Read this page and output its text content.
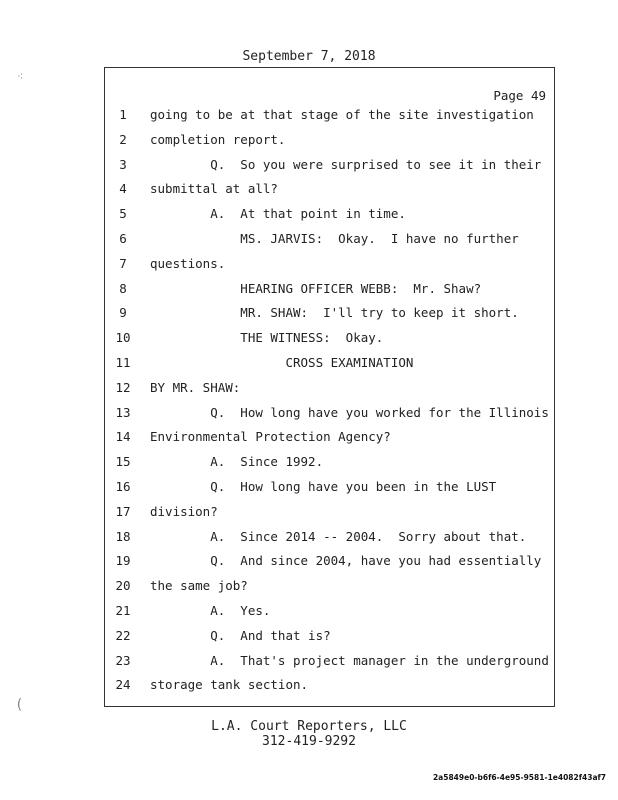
September 7, 2018
⁖
(
Page 49
1	going to be at that stage of the site investigation
2	completion report.
3	Q.  So you were surprised to see it in their
4	submittal at all?
5	A.  At that point in time.
6	MS. JARVIS:  Okay.  I have no further
7	questions.
8	HEARING OFFICER WEBB:  Mr. Shaw?
9	MR. SHAW:  I'll try to keep it short.
10	THE WITNESS:  Okay.
11	CROSS EXAMINATION
12	BY MR. SHAW:
13	Q.  How long have you worked for the Illinois
14	Environmental Protection Agency?
15	A.  Since 1992.
16	Q.  How long have you been in the LUST
17	division?
18	A.  Since 2014 -- 2004.  Sorry about that.
19	Q.  And since 2004, have you had essentially
20	the same job?
21	A.  Yes.
22	Q.  And that is?
23	A.  That's project manager in the underground
24	storage tank section.
L.A. Court Reporters, LLC
312-419-9292
2a5849e0-b6f6-4e95-9581-1e4082f43af7
